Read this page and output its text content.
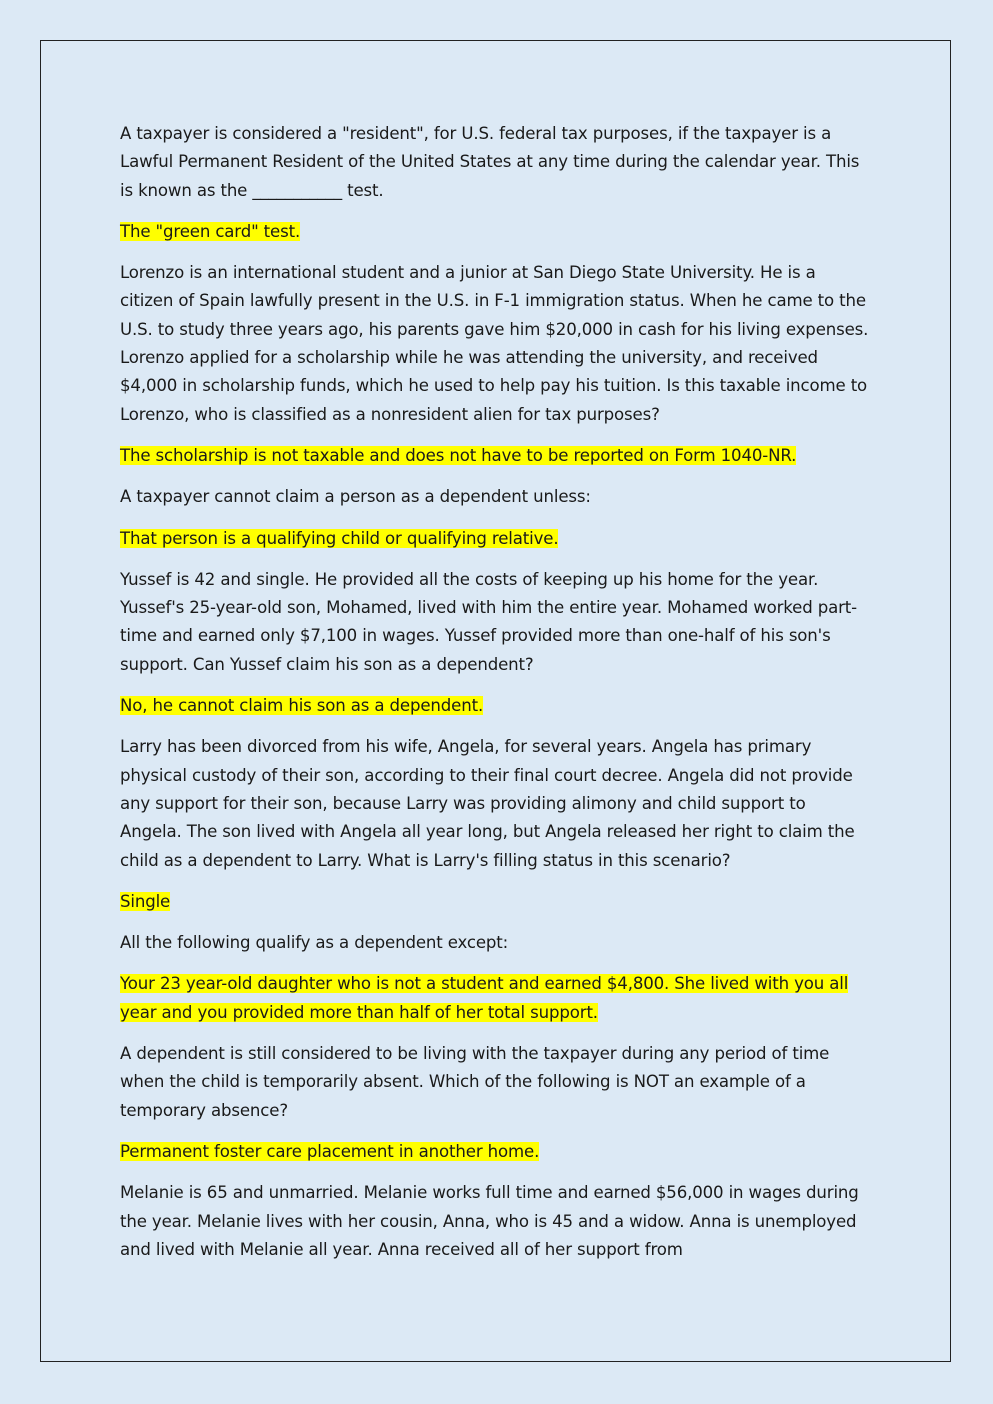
A taxpayer is considered a "resident", for U.S. federal tax purposes, if the taxpayer is a Lawful Permanent Resident of the United States at any time during the calendar year. This is known as the ___________ test.

The "green card" test.

Lorenzo is an international student and a junior at San Diego State University. He is a citizen of Spain lawfully present in the U.S. in F-1 immigration status. When he came to the U.S. to study three years ago, his parents gave him $20,000 in cash for his living expenses. Lorenzo applied for a scholarship while he was attending the university, and received $4,000 in scholarship funds, which he used to help pay his tuition. Is this taxable income to Lorenzo, who is classified as a nonresident alien for tax purposes?

The scholarship is not taxable and does not have to be reported on Form 1040-NR.

A taxpayer cannot claim a person as a dependent unless:

That person is a qualifying child or qualifying relative.

Yussef is 42 and single. He provided all the costs of keeping up his home for the year. Yussef's 25-year-old son, Mohamed, lived with him the entire year. Mohamed worked part-time and earned only $7,100 in wages. Yussef provided more than one-half of his son's support. Can Yussef claim his son as a dependent?

No, he cannot claim his son as a dependent.

Larry has been divorced from his wife, Angela, for several years. Angela has primary physical custody of their son, according to their final court decree. Angela did not provide any support for their son, because Larry was providing alimony and child support to Angela. The son lived with Angela all year long, but Angela released her right to claim the child as a dependent to Larry. What is Larry's filling status in this scenario?

Single

All the following qualify as a dependent except:

Your 23 year-old daughter who is not a student and earned $4,800. She lived with you all year and you provided more than half of her total support.

A dependent is still considered to be living with the taxpayer during any period of time when the child is temporarily absent. Which of the following is NOT an example of a temporary absence?

Permanent foster care placement in another home.

Melanie is 65 and unmarried. Melanie works full time and earned $56,000 in wages during the year. Melanie lives with her cousin, Anna, who is 45 and a widow. Anna is unemployed and lived with Melanie all year. Anna received all of her support from
